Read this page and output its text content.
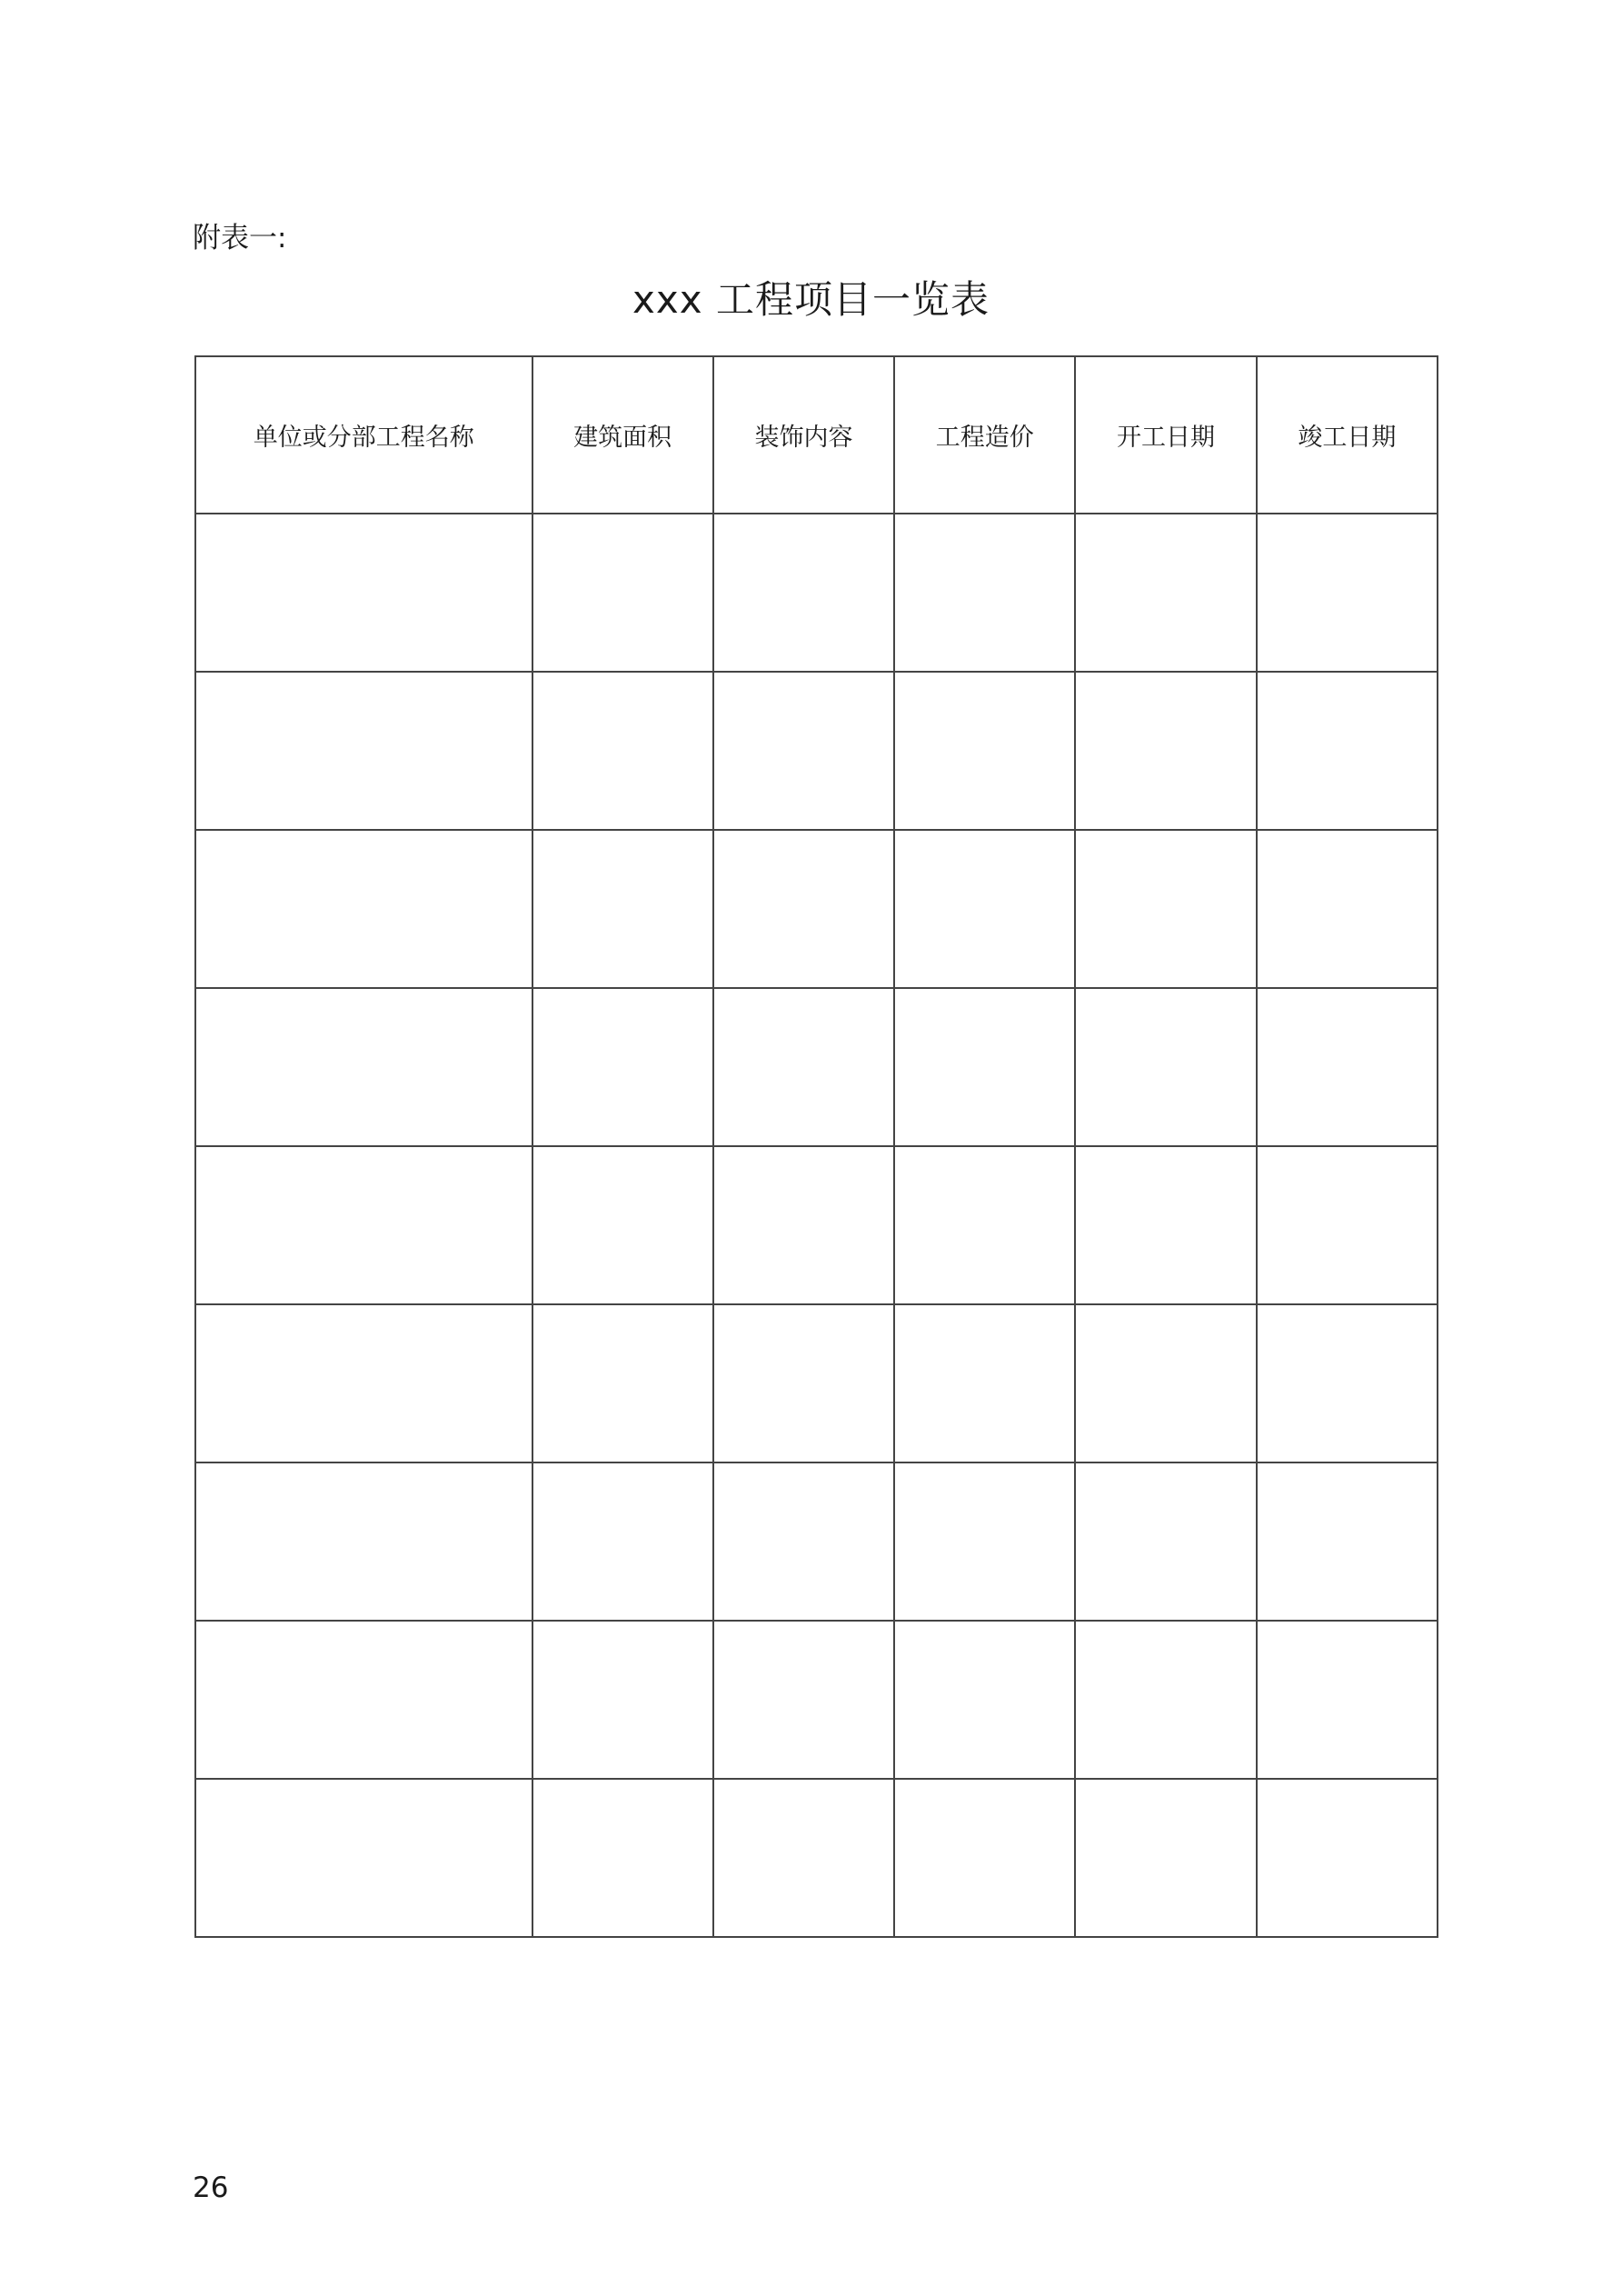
附表一:
xxx 工程项目一览表
单位或分部工程名称	建筑面积	装饰内容	工程造价	开工日期	竣工日期

26
